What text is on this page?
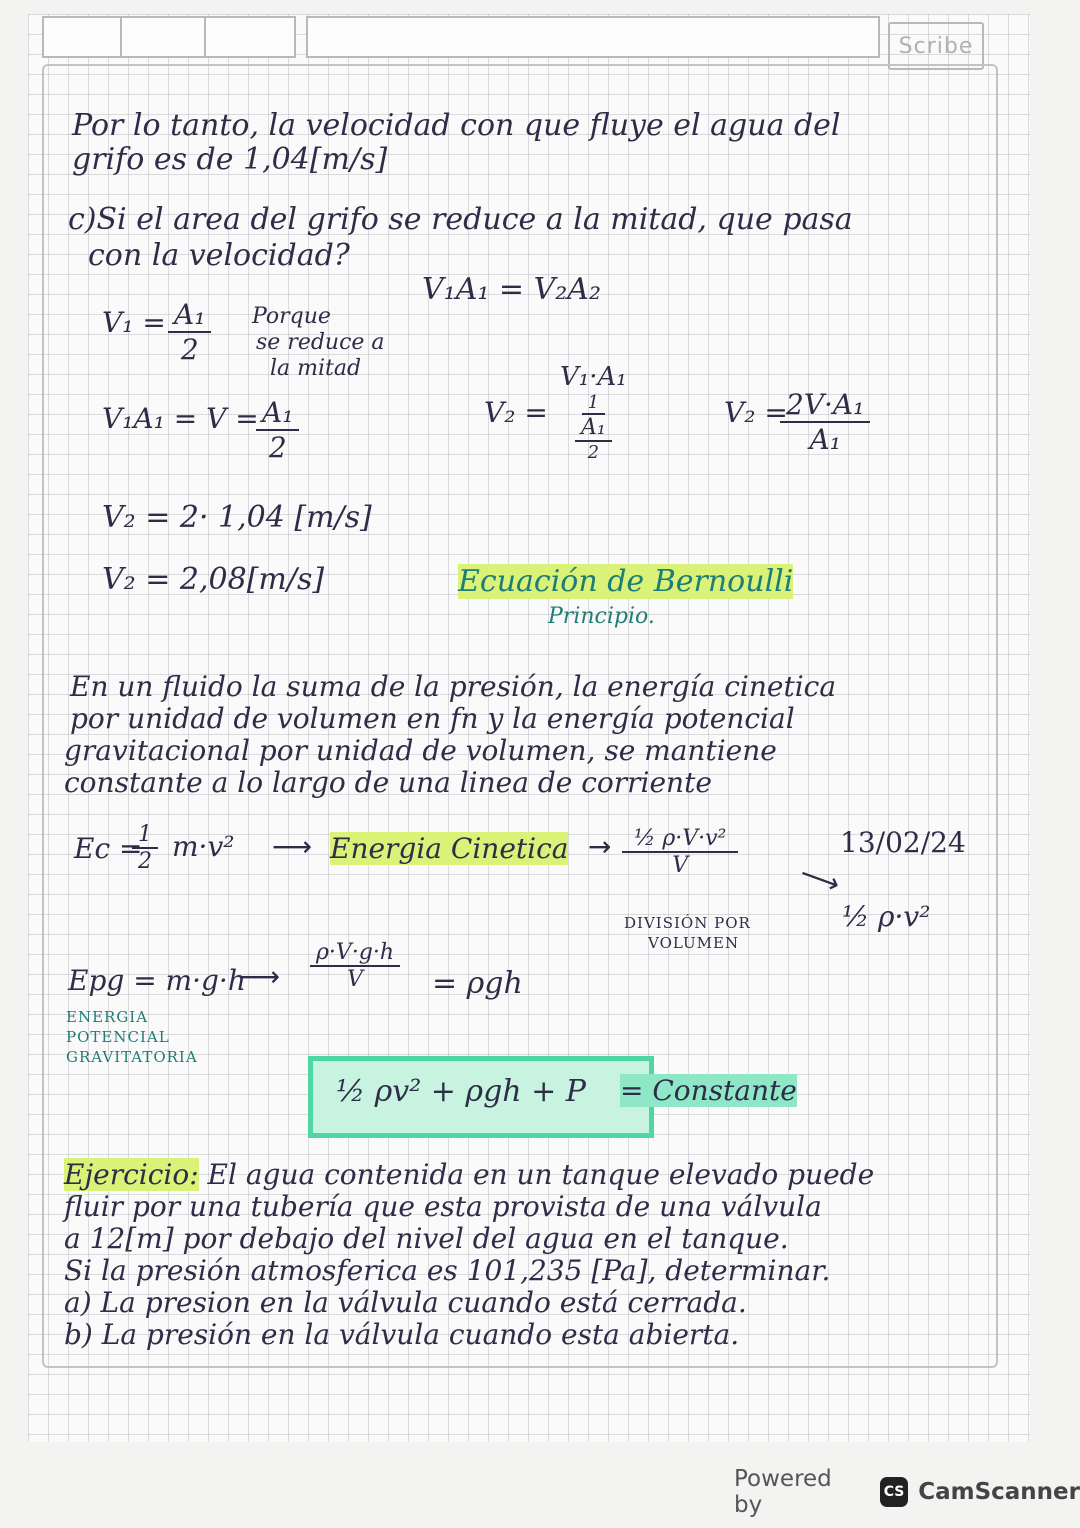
Scribe
Por lo tanto, la velocidad con que fluye el agua del
grifo es de 1,04[m/s]
c)Si el area del grifo se reduce a la mitad, que pasa
con la velocidad?
V₁A₁ = V₂A₂
$V_1 = \frac{\text{A₁}}{2}$ Porque
se reduce a
la mitad
V₁A₁ = V =
$\frac{\text{A₁}}{2}$	V₂ =
V₁·A₁
1
A₁
2
V₂ =
$\frac{\text{2V·A₁}}{\text{A₁}}$
V₂ = 2· 1,04 [m/s]
V₂ = 2,08[m/s]	Ecuación de Bernoulli
Principio.
En un fluido la suma de la presión, la energía cinetica
por unidad de volumen en fn y la energía potencial
gravitacional por unidad de volumen, se mantiene
constante a lo largo de una linea de corriente
Ec =
$\frac{1}{2} m\cdot v^2$ ⟶ Energia Cinetica → $\frac{\text{½ ρ·V·v²}}{V}$
DIVISIÓN POR
VOLUMEN
13/02/24
⟶
½ ρ·v²
Epg = m·g·h
⟶ $\frac{\rho\cdot V\cdot g\cdot h}{V} = \rho gh$
ENERGIA
POTENCIAL
GRAVITATORIA
½ ρv² + ρgh + P = Constante
Ejercicio: El agua contenida en un tanque elevado puede
fluir por una tubería que esta provista de una válvula
a 12[m] por debajo del nivel del agua en el tanque.
Si la presión atmosferica es 101,235 [Pa], determinar.
a) La presion en la válvula cuando está cerrada.
b) La presión en la válvula cuando esta abierta.
Powered by	CS CamScanner
